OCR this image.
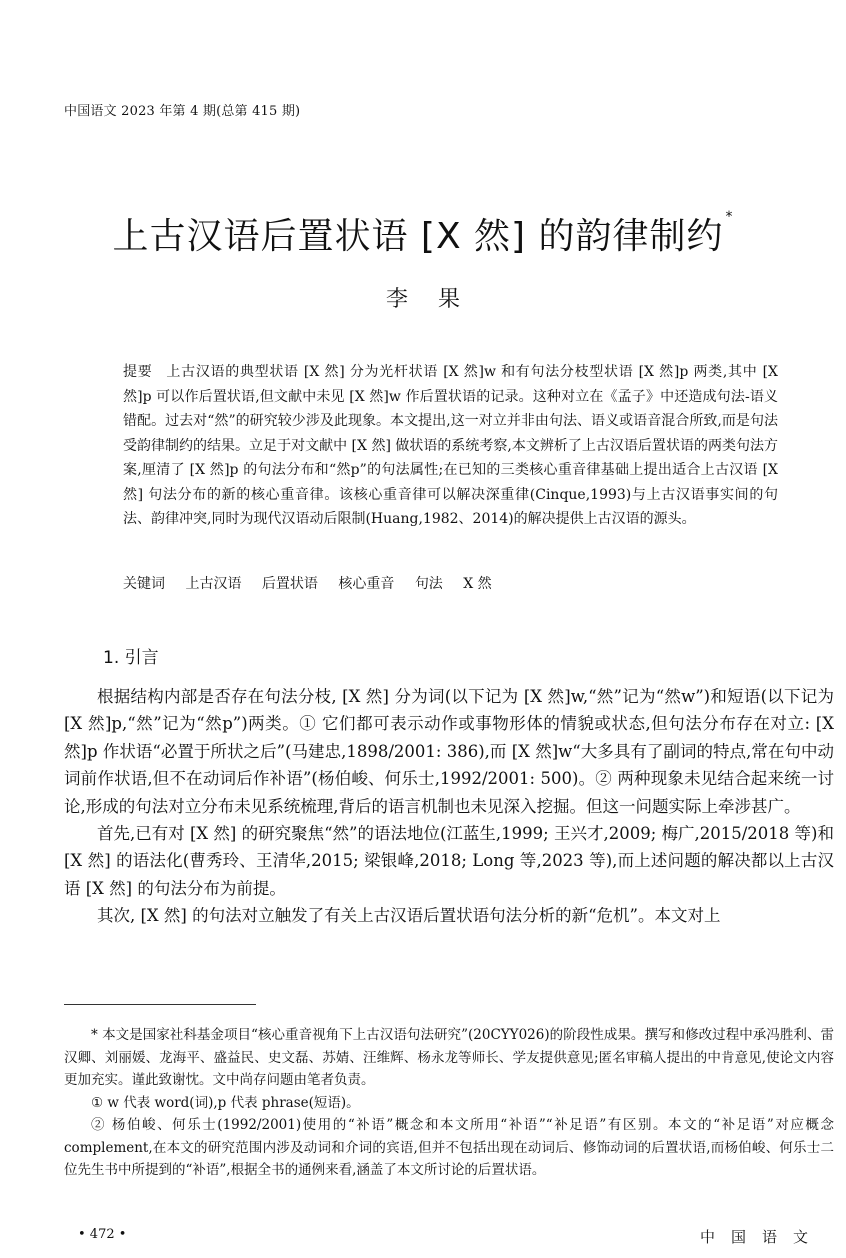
中国语文 2023 年第 4 期(总第 415 期)
上古汉语后置状语 [X 然] 的韵律制约 *
李果
提要 上古汉语的典型状语 [X 然] 分为光杆状语 [X 然]w 和有句法分枝型状语 [X 然]p 两类,其中 [X 然]p 可以作后置状语,但文献中未见 [X 然]w 作后置状语的记录。这种对立在《孟子》中还造成句法-语义错配。过去对“然”的研究较少涉及此现象。本文提出,这一对立并非由句法、语义或语音混合所致,而是句法受韵律制约的结果。立足于对文献中 [X 然] 做状语的系统考察,本文辨析了上古汉语后置状语的两类句法方案,厘清了 [X 然]p 的句法分布和“然p”的句法属性;在已知的三类核心重音律基础上提出适合上古汉语 [X 然] 句法分布的新的核心重音律。该核心重音律可以解决深重律(Cinque,1993)与上古汉语事实间的句法、韵律冲突,同时为现代汉语动后限制(Huang,1982、2014)的解决提供上古汉语的源头。
关键词 上古汉语 后置状语 核心重音 句法 X 然
1. 引言

根据结构内部是否存在句法分枝, [X 然] 分为词(以下记为 [X 然]w,“然”记为“然w”)和短语(以下记为 [X 然]p,“然”记为“然p”)两类。① 它们都可表示动作或事物形体的情貌或状态,但句法分布存在对立: [X 然]p 作状语“必置于所状之后”(马建忠,1898/2001: 386),而 [X 然]w“大多具有了副词的特点,常在句中动词前作状语,但不在动词后作补语”(杨伯峻、何乐士,1992/2001: 500)。② 两种现象未见结合起来统一讨论,形成的句法对立分布未见系统梳理,背后的语言机制也未见深入挖掘。但这一问题实际上牵涉甚广。

首先,已有对 [X 然] 的研究聚焦“然”的语法地位(江蓝生,1999; 王兴才,2009; 梅广,2015/2018 等)和 [X 然] 的语法化(曹秀玲、王清华,2015; 梁银峰,2018; Long 等,2023 等),而上述问题的解决都以上古汉语 [X 然] 的句法分布为前提。

其次, [X 然] 的句法对立触发了有关上古汉语后置状语句法分析的新“危机”。本文对上

* 本文是国家社科基金项目“核心重音视角下上古汉语句法研究”(20CYY026)的阶段性成果。撰写和修改过程中承冯胜利、雷汉卿、刘丽媛、龙海平、盛益民、史文磊、苏婧、汪维辉、杨永龙等师长、学友提供意见;匿名审稿人提出的中肯意见,使论文内容更加充实。谨此致谢忱。文中尚存问题由笔者负责。

① w 代表 word(词),p 代表 phrase(短语)。

② 杨伯峻、何乐士(1992/2001)使用的“补语”概念和本文所用“补语”“补足语”有区别。本文的“补足语”对应概念 complement,在本文的研究范围内涉及动词和介词的宾语,但并不包括出现在动词后、修饰动词的后置状语,而杨伯峻、何乐士二位先生书中所提到的“补语”,根据全书的通例来看,涵盖了本文所讨论的后置状语。

• 472 •	中国语文
